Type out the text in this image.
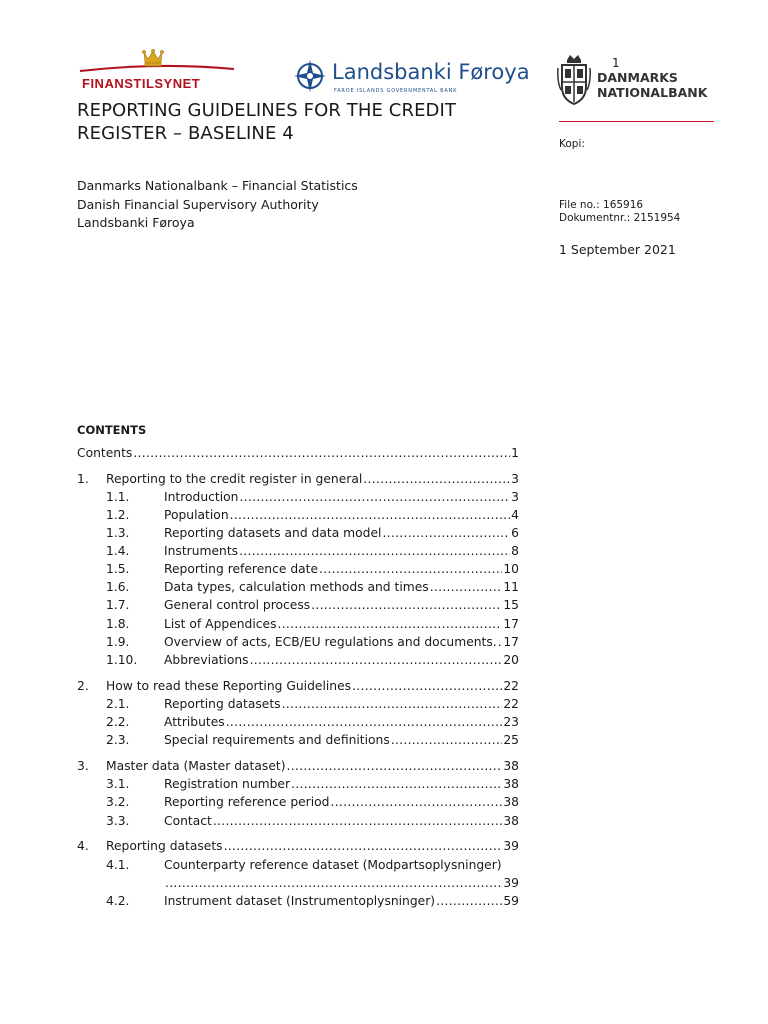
FINANSTILSYNET	Landsbanki Føroya
FAROE ISLANDS GOVERNMENTAL BANK
DANMARKS
NATIONALBANK
1
REPORTING GUIDELINES FOR THE CREDIT
REGISTER – BASELINE 4
Danmarks Nationalbank – Financial Statistics
Danish Financial Supervisory Authority
Landsbanki Føroya
Kopi:
File no.: 165916
Dokumentnr.: 2151954
1 September 2021
CONTENTS
Contents .....	1
1.	Reporting to the credit register in general .....	3
1.1.	Introduction .....	3
1.2.	Population .....	4
1.3.	Reporting datasets and data model .....	6
1.4.	Instruments .....	8
1.5.	Reporting reference date .....	10
1.6.	Data types, calculation methods and times .....	11
1.7.	General control process .....	15
1.8.	List of Appendices .....	17
1.9.	Overview of acts, ECB/EU regulations and documents. ..... 17
1.10.	Abbreviations .....	20
2.	How to read these Reporting Guidelines .....	22
2.1.	Reporting datasets .....	22
2.2.	Attributes .....	23
2.3.	Special requirements and definitions .....	25
3.	Master data (Master dataset) .....	38
3.1.	Registration number .....	38
3.2.	Reporting reference period .....	38
3.3.	Contact .....	38
4.	Reporting datasets .....	39
4.1.	Counterparty reference dataset (Modpartsoplysninger)
.....
39
4.2.	Instrument dataset (Instrumentoplysninger) .....	59
